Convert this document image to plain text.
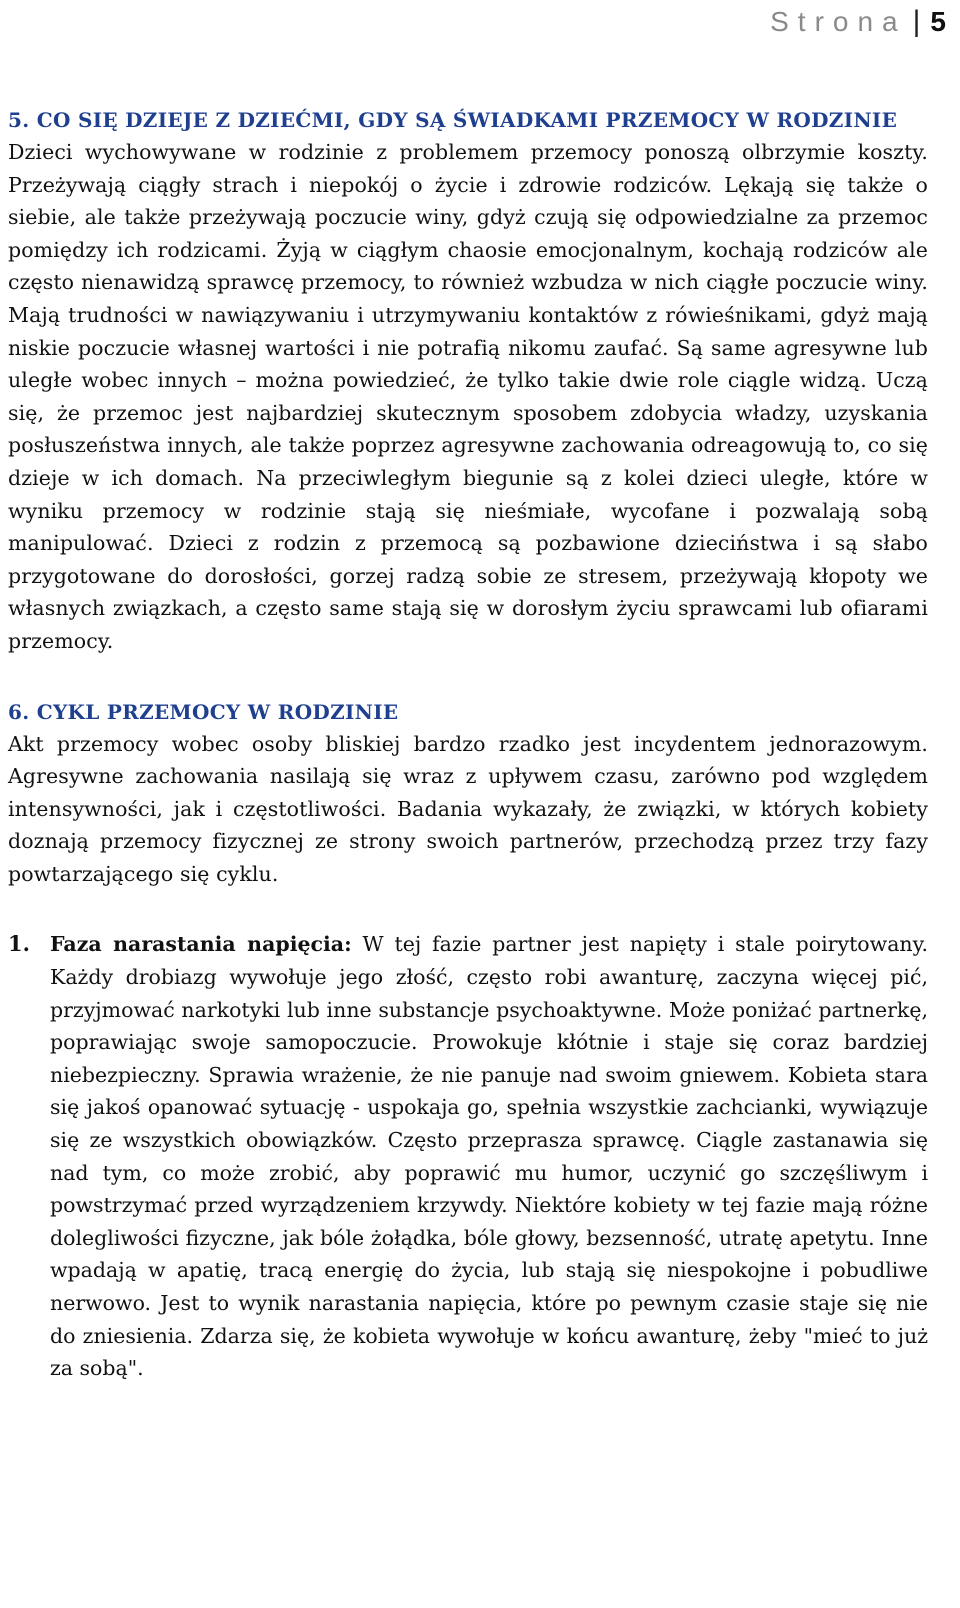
Strona | 5
5. CO SIĘ DZIEJE Z DZIEĆMI, GDY SĄ ŚWIADKAMI PRZEMOCY W RODZINIE

Dzieci wychowywane w rodzinie z problemem przemocy ponoszą olbrzymie koszty. Przeżywają ciągły strach i niepokój o życie i zdrowie rodziców. Lękają się także o siebie, ale także przeżywają poczucie winy, gdyż czują się odpowiedzialne za przemoc pomiędzy ich rodzicami. Żyją w ciągłym chaosie emocjonalnym, kochają rodziców ale często nienawidzą sprawcę przemocy, to również wzbudza w nich ciągłe poczucie winy. Mają trudności w nawiązywaniu i utrzymywaniu kontaktów z rówieśnikami, gdyż mają niskie poczucie własnej wartości i nie potrafią nikomu zaufać. Są same agresywne lub uległe wobec innych – można powiedzieć, że tylko takie dwie role ciągle widzą. Uczą się, że przemoc jest najbardziej skutecznym sposobem zdobycia władzy, uzyskania posłuszeństwa innych, ale także poprzez agresywne zachowania odreagowują to, co się dzieje w ich domach. Na przeciwległym biegunie są z kolei dzieci uległe, które w wyniku przemocy w rodzinie stają się nieśmiałe, wycofane i pozwalają sobą manipulować. Dzieci z rodzin z przemocą są pozbawione dzieciństwa i są słabo przygotowane do dorosłości, gorzej radzą sobie ze stresem, przeżywają kłopoty we własnych związkach, a często same stają się w dorosłym życiu sprawcami lub ofiarami przemocy.

6. CYKL PRZEMOCY W RODZINIE

Akt przemocy wobec osoby bliskiej bardzo rzadko jest incydentem jednorazowym. Agresywne zachowania nasilają się wraz z upływem czasu, zarówno pod względem intensywności, jak i częstotliwości. Badania wykazały, że związki, w których kobiety doznają przemocy fizycznej ze strony swoich partnerów, przechodzą przez trzy fazy powtarzającego się cyklu.

1. Faza narastania napięcia: W tej fazie partner jest napięty i stale poirytowany. Każdy drobiazg wywołuje jego złość, często robi awanturę, zaczyna więcej pić, przyjmować narkotyki lub inne substancje psychoaktywne. Może poniżać partnerkę, poprawiając swoje samopoczucie. Prowokuje kłótnie i staje się coraz bardziej niebezpieczny. Sprawia wrażenie, że nie panuje nad swoim gniewem. Kobieta stara się jakoś opanować sytuację - uspokaja go, spełnia wszystkie zachcianki, wywiązuje się ze wszystkich obowiązków. Często przeprasza sprawcę. Ciągle zastanawia się nad tym, co może zrobić, aby poprawić mu humor, uczynić go szczęśliwym i powstrzymać przed wyrządzeniem krzywdy. Niektóre kobiety w tej fazie mają różne dolegliwości fizyczne, jak bóle żołądka, bóle głowy, bezsenność, utratę apetytu. Inne wpadają w apatię, tracą energię do życia, lub stają się niespokojne i pobudliwe nerwowo. Jest to wynik narastania napięcia, które po pewnym czasie staje się nie do zniesienia. Zdarza się, że kobieta wywołuje w końcu awanturę, żeby "mieć to już za sobą".
